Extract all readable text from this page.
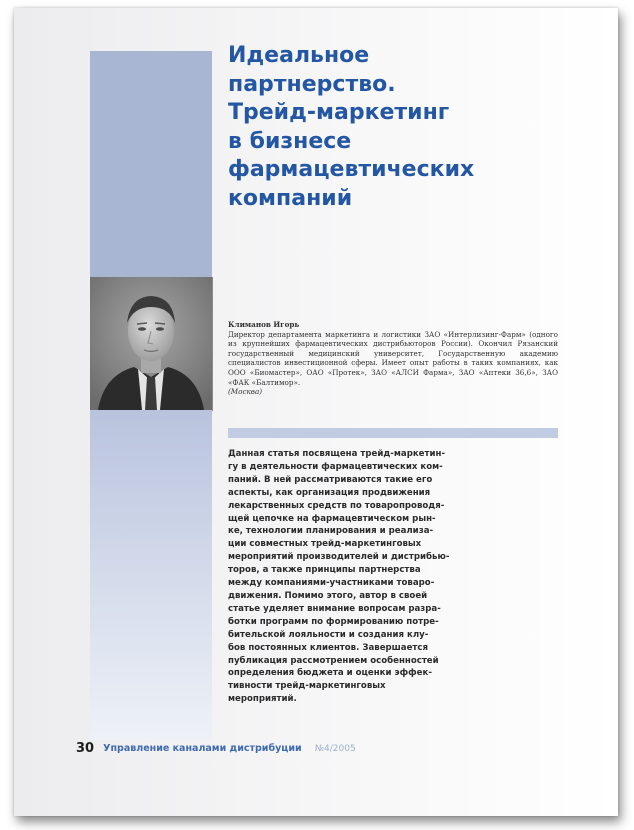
Идеальное
партнерство.
Трейд-маркетинг
в бизнесе
фармацевтических
компаний
Климанов Игорь
Директор департамента маркетинга и логистики ЗАО «Интерлизинг-Фарм» (одного из крупнейших фармацевтических дистрибьюторов России). Окончил Рязанский государственный медицинский университет, Государственную академию специалистов инвестиционной сферы. Имеет опыт работы в таких компаниях, как ООО «Биомастер», ОАО «Протек», ЗАО «АЛСИ Фарма», ЗАО «Аптеки 36,6», ЗАО «ФАК «Балтимор».
(Москва)
Данная статья посвящена трейд-маркетин-
гу в деятельности фармацевтических ком-
паний. В ней рассматриваются такие его
аспекты, как организация продвижения
лекарственных средств по товаропроводя-
щей цепочке на фармацевтическом рын-
ке, технологии планирования и реализа-
ции совместных трейд-маркетинговых
мероприятий производителей и дистрибью-
торов, а также принципы партнерства
между компаниями-участниками товаро-
движения. Помимо этого, автор в своей
статье уделяет внимание вопросам разра-
ботки программ по формированию потре-
бительской лояльности и создания клу-
бов постоянных клиентов. Завершается
публикация рассмотрением особенностей
определения бюджета и оценки эффек-
тивности трейд-маркетинговых
мероприятий.
30 Управление каналами дистрибуции №4/2005
